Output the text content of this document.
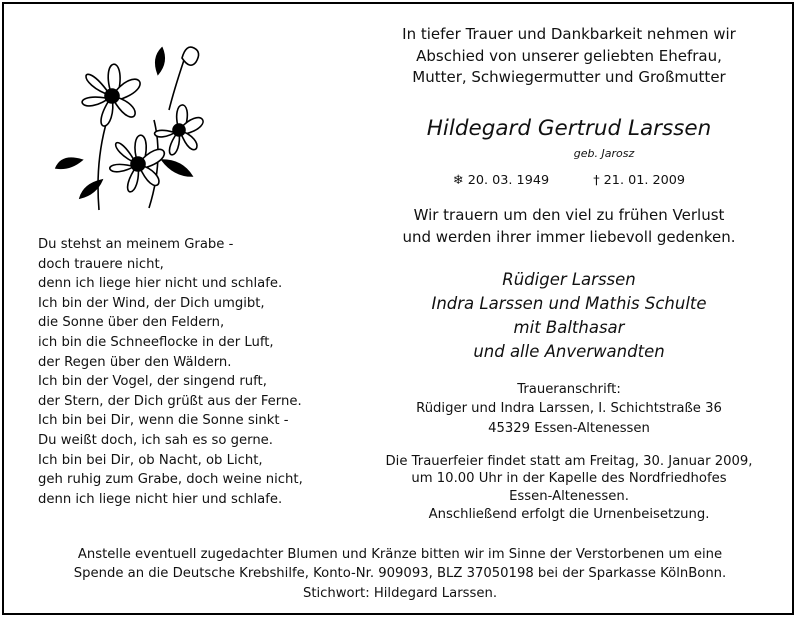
Du stehst an meinem Grabe -
doch trauere nicht,
denn ich liege hier nicht und schlafe.
Ich bin der Wind, der Dich umgibt,
die Sonne über den Feldern,
ich bin die Schneeflocke in der Luft,
der Regen über den Wäldern.
Ich bin der Vogel, der singend ruft,
der Stern, der Dich grüßt aus der Ferne.
Ich bin bei Dir, wenn die Sonne sinkt -
Du weißt doch, ich sah es so gerne.
Ich bin bei Dir, ob Nacht, ob Licht,
geh ruhig zum Grabe, doch weine nicht,
denn ich liege nicht hier und schlafe.
In tiefer Trauer und Dankbarkeit nehmen wir
Abschied von unserer geliebten Ehefrau,
Mutter, Schwiegermutter und Großmutter
Hildegard Gertrud Larssen
geb. Jarosz
❄ 20. 03. 1949	† 21. 01. 2009
Wir trauern um den viel zu frühen Verlust
und werden ihrer immer liebevoll gedenken.
Rüdiger Larssen
Indra Larssen und Mathis Schulte
mit Balthasar
und alle Anverwandten
Traueranschrift:
Rüdiger und Indra Larssen, I. Schichtstraße 36
45329 Essen-Altenessen
Die Trauerfeier findet statt am Freitag, 30. Januar 2009,
um 10.00 Uhr in der Kapelle des Nordfriedhofes
Essen-Altenessen.
Anschließend erfolgt die Urnenbeisetzung.
Anstelle eventuell zugedachter Blumen und Kränze bitten wir im Sinne der Verstorbenen um eine
Spende an die Deutsche Krebshilfe, Konto-Nr. 909093, BLZ 37050198 bei der Sparkasse KölnBonn.
Stichwort: Hildegard Larssen.
